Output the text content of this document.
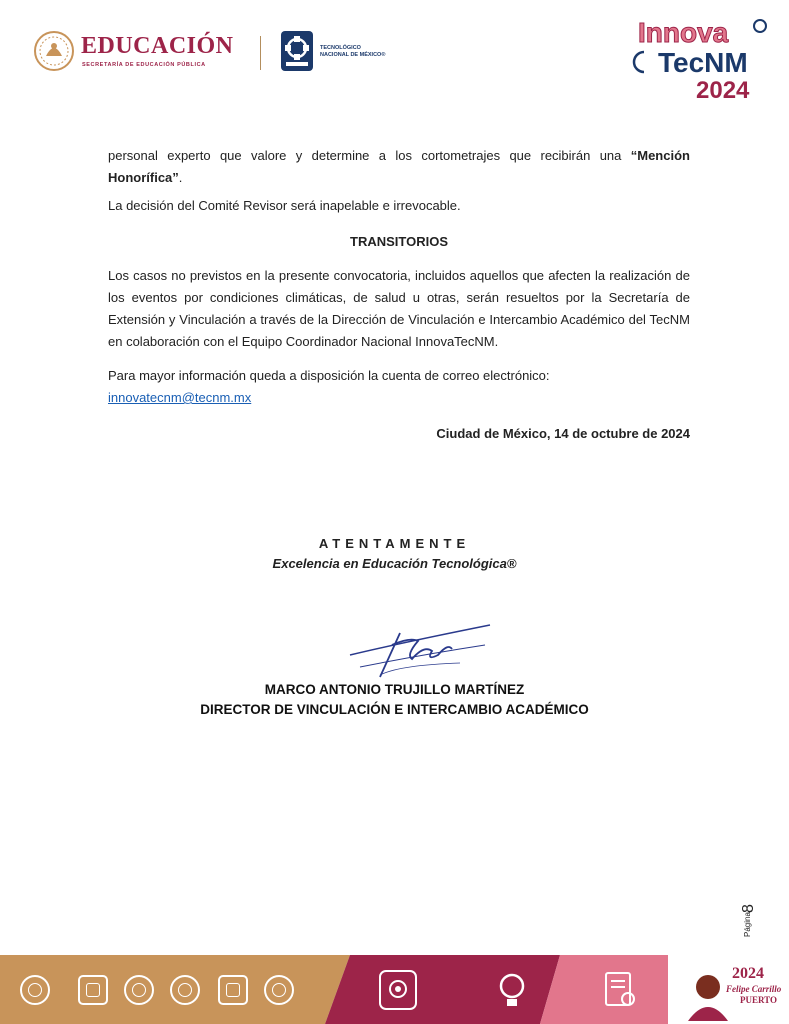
EDUCACIÓN
SECRETARÍA DE EDUCACIÓN PÚBLICA
TECNOLÓGICO
NACIONAL DE MÉXICO®
Innova
TecNM
2024

personal experto que valore y determine a los cortometrajes que recibirán una “Mención Honorífica”.

La decisión del Comité Revisor será inapelable e irrevocable.

TRANSITORIOS

Los casos no previstos en la presente convocatoria, incluidos aquellos que afecten la realización de los eventos por condiciones climáticas, de salud u otras, serán resueltos por la Secretaría de Extensión y Vinculación a través de la Dirección de Vinculación e Intercambio Académico del TecNM en colaboración con el Equipo Coordinador Nacional InnovaTecNM.

Para mayor información queda a disposición la cuenta de correo electrónico:

innovatecnm@tecnm.mx

Ciudad de México, 14 de octubre de 2024

ATENTAMENTE
Excelencia en Educación Tecnológica®
MARCO ANTONIO TRUJILLO MARTÍNEZ
DIRECTOR DE VINCULACIÓN E INTERCAMBIO ACADÉMICO
Página
8
2024
Felipe Carrillo
PUERTO
